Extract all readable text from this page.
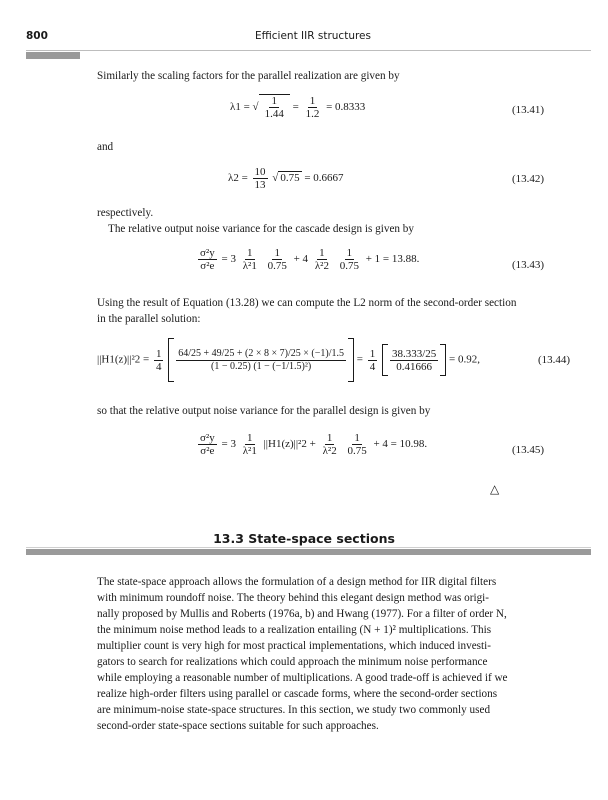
800	Efficient IIR structures
Similarly the scaling factors for the parallel realization are given by
λ1 = √ $\frac{1}{1.44} = \frac{1}{1.2} = 0.8333$	(13.41)
and
$\lambda 2 = \frac{10}{13}$ √ 0.75 = 0.6667	(13.42)
respectively.
The relative output noise variance for the cascade design is given by
$\frac{\text{σ²y}}{\text{σ²e}} = 3 \frac{1}{\text{λ²1}}$
$\frac{1}{0.75} + 4 \frac{1}{\text{λ²2}}$
$\frac{1}{0.75} + 1 = 13.88$.	(13.43)
Using the result of Equation (13.28) we can compute the L2 norm of the second-order section in the parallel solution:
$||H1(z)||^22 = \frac{1}{4}$
$\frac{64/25 + 49/25 + (2 \times 8 \times 7)/25 \times (-1)/1.5}{\text{(1 − 0.25) (1 − (−1/1.5)²)}} = \frac{1}{4}$
$\frac{38.333/25}{0.41666} = 0.92$,	(13.44)
so that the relative output noise variance for the parallel design is given by
$\frac{\text{σ²y}}{\text{σ²e}} = 3 \frac{1}{\text{λ²1}} ||H1(z)||^22 + \frac{1}{\text{λ²2}}$
$\frac{1}{0.75} + 4 = 10.98$.	(13.45)
△
13.3 State-space sections
The state-space approach allows the formulation of a design method for IIR digital filters
with minimum roundoff noise. The theory behind this elegant design method was origi-
nally proposed by Mullis and Roberts (1976a, b) and Hwang (1977). For a filter of order N,
the minimum noise method leads to a realization entailing (N + 1)² multiplications. This
multiplier count is very high for most practical implementations, which induced investi-
gators to search for realizations which could approach the minimum noise performance
while employing a reasonable number of multiplications. A good trade-off is achieved if we
realize high-order filters using parallel or cascade forms, where the second-order sections
are minimum-noise state-space structures. In this section, we study two commonly used
second-order state-space sections suitable for such approaches.
